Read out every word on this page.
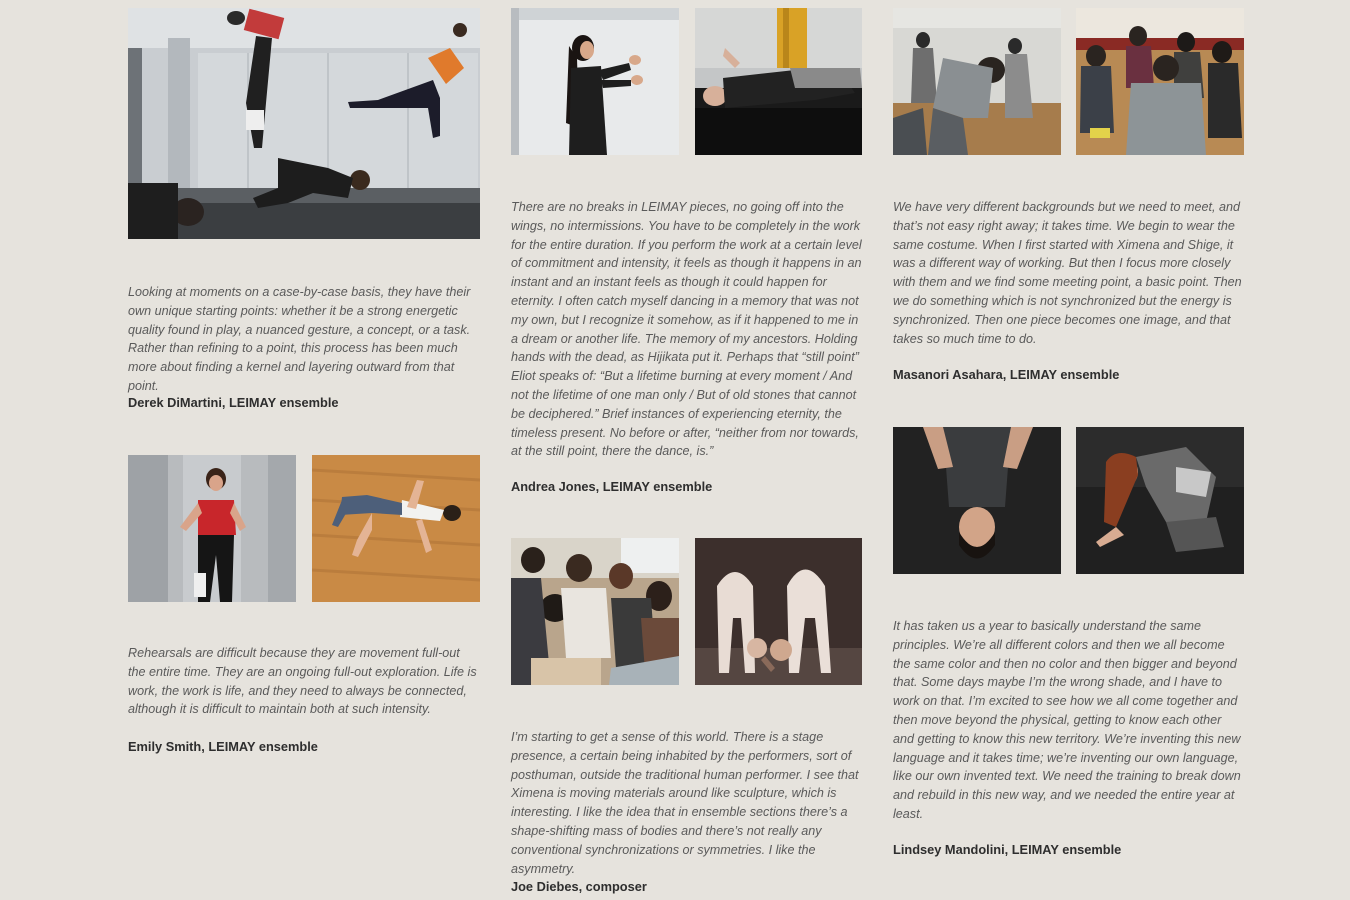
Looking at moments on a case-by-case basis, they have their own unique starting points: whether it be a strong energetic quality found in play, a nuanced gesture, a concept, or a task. Rather than refining to a point, this process has been much more about finding a kernel and layering outward from that point.

Derek DiMartini, LEIMAY ensemble

Rehearsals are difficult because they are movement full-out the entire time. They are an ongoing full-out exploration. Life is work, the work is life, and they need to always be connected, although it is difficult to maintain both at such intensity.

Emily Smith, LEIMAY ensemble

There are no breaks in LEIMAY pieces, no going off into the wings, no intermissions. You have to be completely in the work for the entire duration. If you perform the work at a certain level of commitment and intensity, it feels as though it happens in an instant and an instant feels as though it could happen for eternity. I often catch myself dancing in a memory that was not my own, but I recognize it somehow, as if it happened to me in a dream or another life. The memory of my ancestors. Holding hands with the dead, as Hijikata put it. Perhaps that “still point” Eliot speaks of: “But a lifetime burning at every moment / And not the lifetime of one man only / But of old stones that cannot be deciphered.” Brief instances of experiencing eternity, the timeless present. No before or after, “neither from nor towards, at the still point, there the dance, is.”

Andrea Jones, LEIMAY ensemble

I’m starting to get a sense of this world. There is a stage presence, a certain being inhabited by the performers, sort of posthuman, outside the traditional human performer. I see that Ximena is moving materials around like sculpture, which is interesting. I like the idea that in ensemble sections there’s a shape-shifting mass of bodies and there’s not really any conventional synchronizations or symmetries. I like the asymmetry.

Joe Diebes, composer

We have very different backgrounds but we need to meet, and that’s not easy right away; it takes time. We begin to wear the same costume. When I first started with Ximena and Shige, it was a different way of working. But then I focus more closely with them and we find some meeting point, a basic point. Then we do something which is not synchronized but the energy is synchronized. Then one piece becomes one image, and that takes so much time to do.

Masanori Asahara, LEIMAY ensemble

It has taken us a year to basically understand the same principles. We’re all different colors and then we all become the same color and then no color and then bigger and beyond that. Some days maybe I’m the wrong shade, and I have to work on that. I’m excited to see how we all come together and then move beyond the physical, getting to know each other and getting to know this new territory. We’re inventing this new language and it takes time; we’re inventing our own language, like our own invented text. We need the training to break down and rebuild in this new way, and we needed the entire year at least.

Lindsey Mandolini, LEIMAY ensemble
